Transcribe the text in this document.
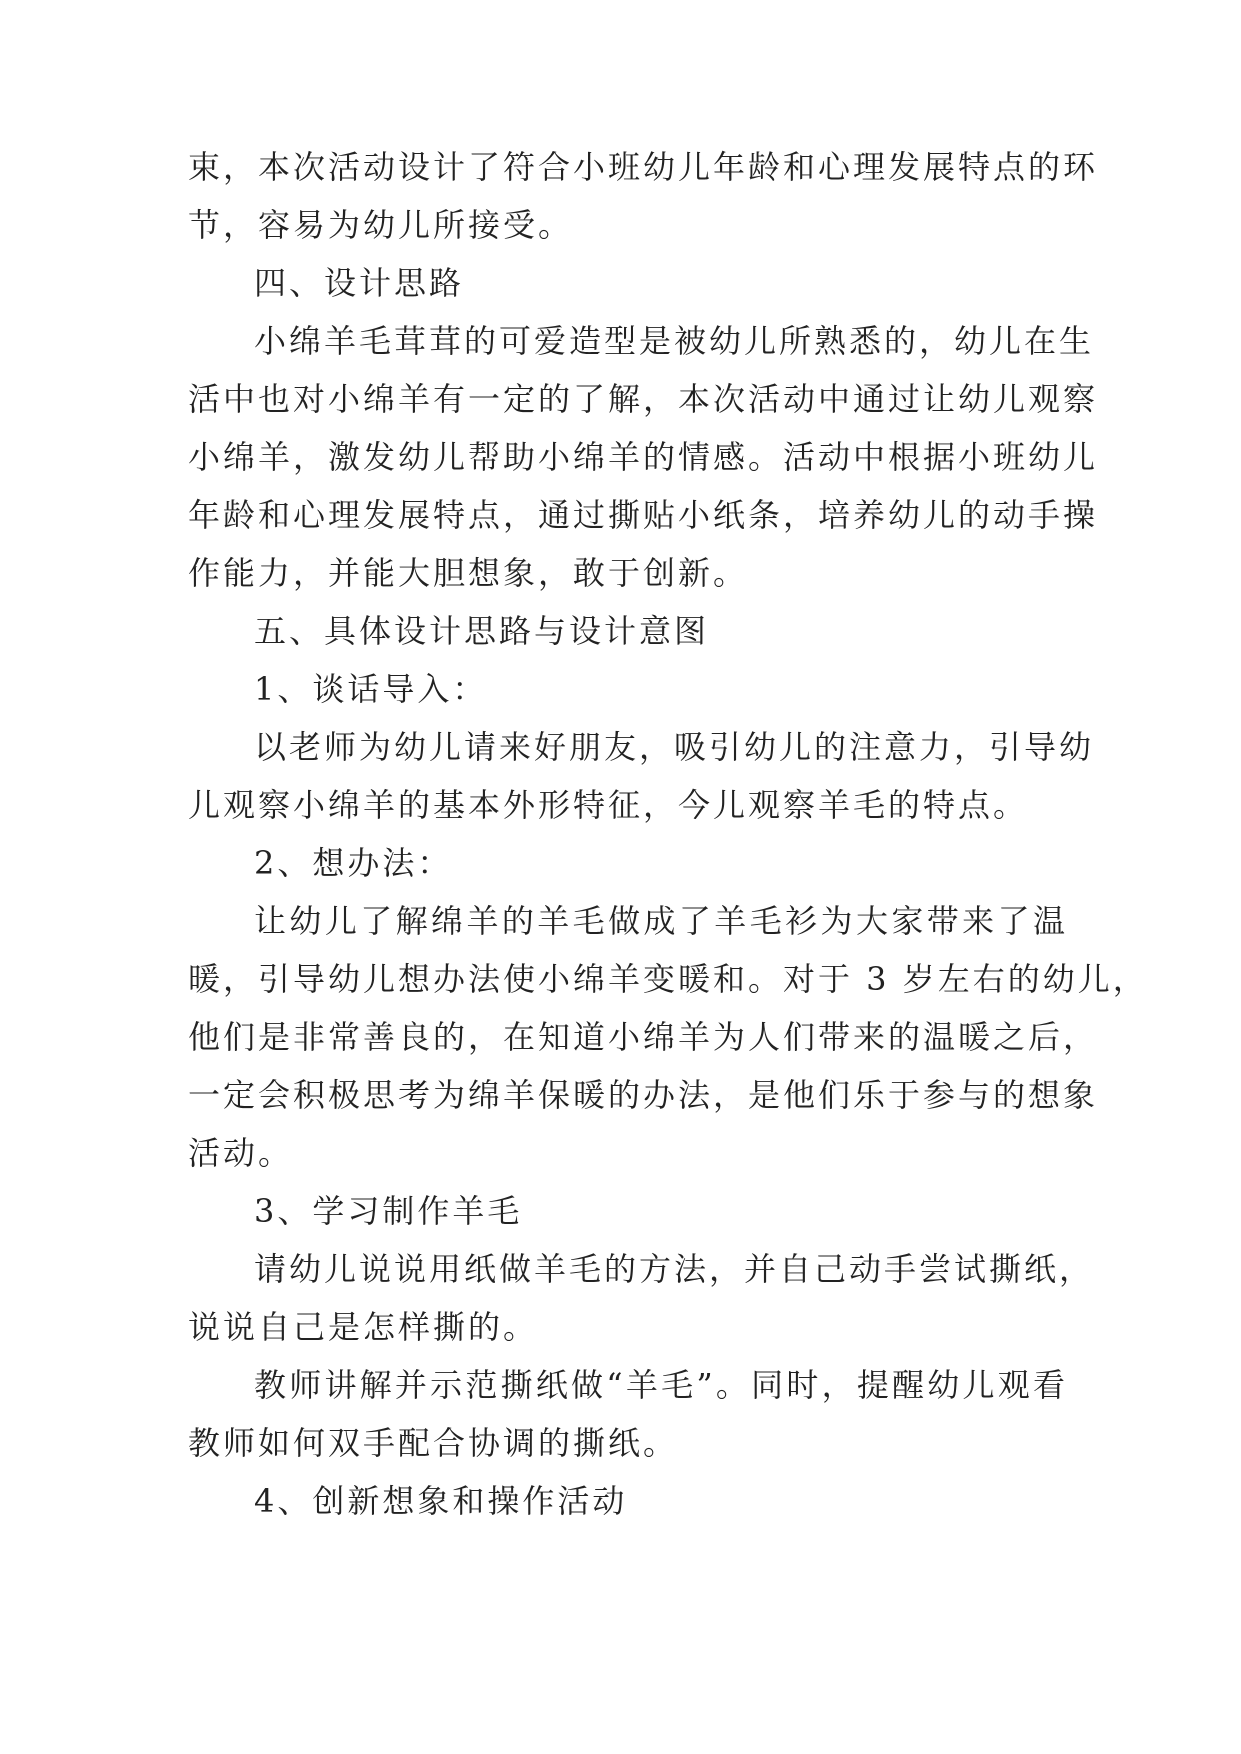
束，本次活动设计了符合小班幼儿年龄和心理发展特点的环
节，容易为幼儿所接受。
四、设计思路
小绵羊毛茸茸的可爱造型是被幼儿所熟悉的，幼儿在生
活中也对小绵羊有一定的了解，本次活动中通过让幼儿观察
小绵羊，激发幼儿帮助小绵羊的情感。活动中根据小班幼儿
年龄和心理发展特点，通过撕贴小纸条，培养幼儿的动手操
作能力，并能大胆想象，敢于创新。
五、具体设计思路与设计意图
1、谈话导入：
以老师为幼儿请来好朋友，吸引幼儿的注意力，引导幼
儿观察小绵羊的基本外形特征，今儿观察羊毛的特点。
2、想办法：
让幼儿了解绵羊的羊毛做成了羊毛衫为大家带来了温
暖，引导幼儿想办法使小绵羊变暖和。对于 3 岁左右的幼儿，
他们是非常善良的，在知道小绵羊为人们带来的温暖之后，
一定会积极思考为绵羊保暖的办法，是他们乐于参与的想象
活动。
3、学习制作羊毛
请幼儿说说用纸做羊毛的方法，并自己动手尝试撕纸，
说说自己是怎样撕的。
教师讲解并示范撕纸做“羊毛”。同时，提醒幼儿观看
教师如何双手配合协调的撕纸。
4、创新想象和操作活动
